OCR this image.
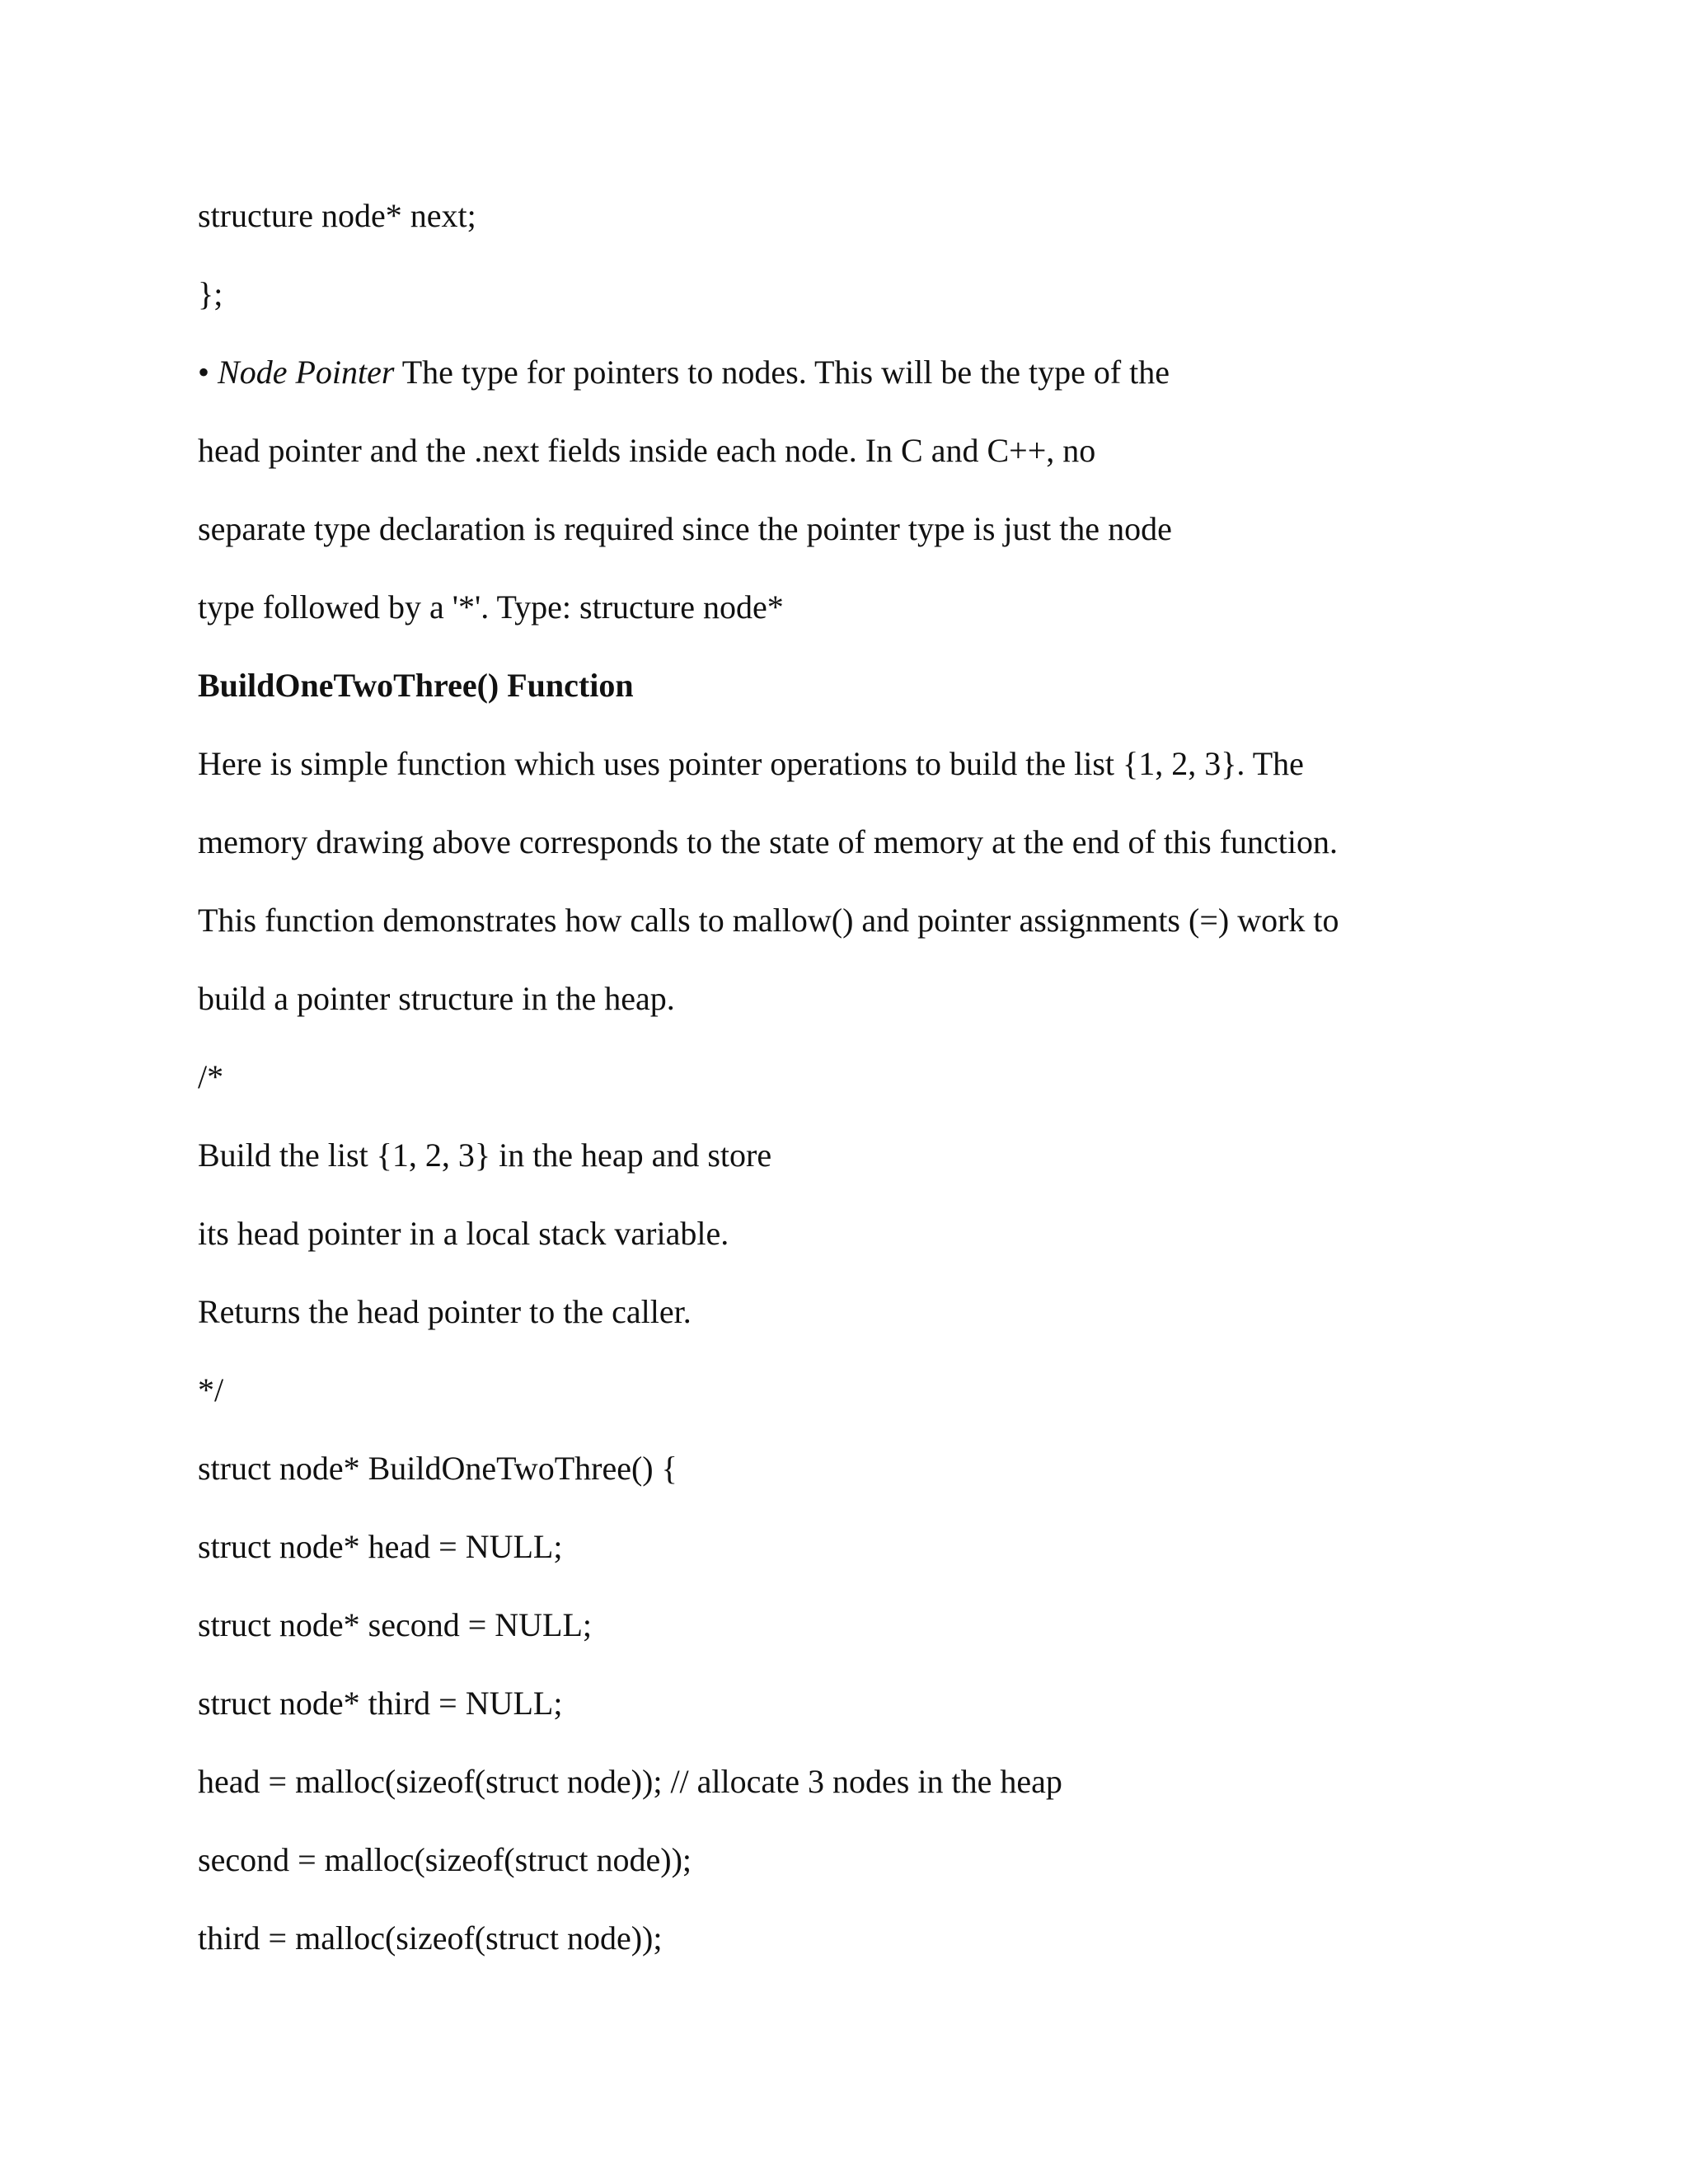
structure node* next;
};
• Node Pointer The type for pointers to nodes. This will be the type of the
head pointer and the .next fields inside each node. In C and C++, no
separate type declaration is required since the pointer type is just the node
type followed by a '*'. Type: structure node*
BuildOneTwoThree() Function
Here is simple function which uses pointer operations to build the list {1, 2, 3}. The
memory drawing above corresponds to the state of memory at the end of this function.
This function demonstrates how calls to mallow() and pointer assignments (=) work to
build a pointer structure in the heap.
/*
Build the list {1, 2, 3} in the heap and store
its head pointer in a local stack variable.
Returns the head pointer to the caller.
*/
struct node* BuildOneTwoThree() {
struct node* head = NULL;
struct node* second = NULL;
struct node* third = NULL;
head = malloc(sizeof(struct node)); // allocate 3 nodes in the heap
second = malloc(sizeof(struct node));
third = malloc(sizeof(struct node));
